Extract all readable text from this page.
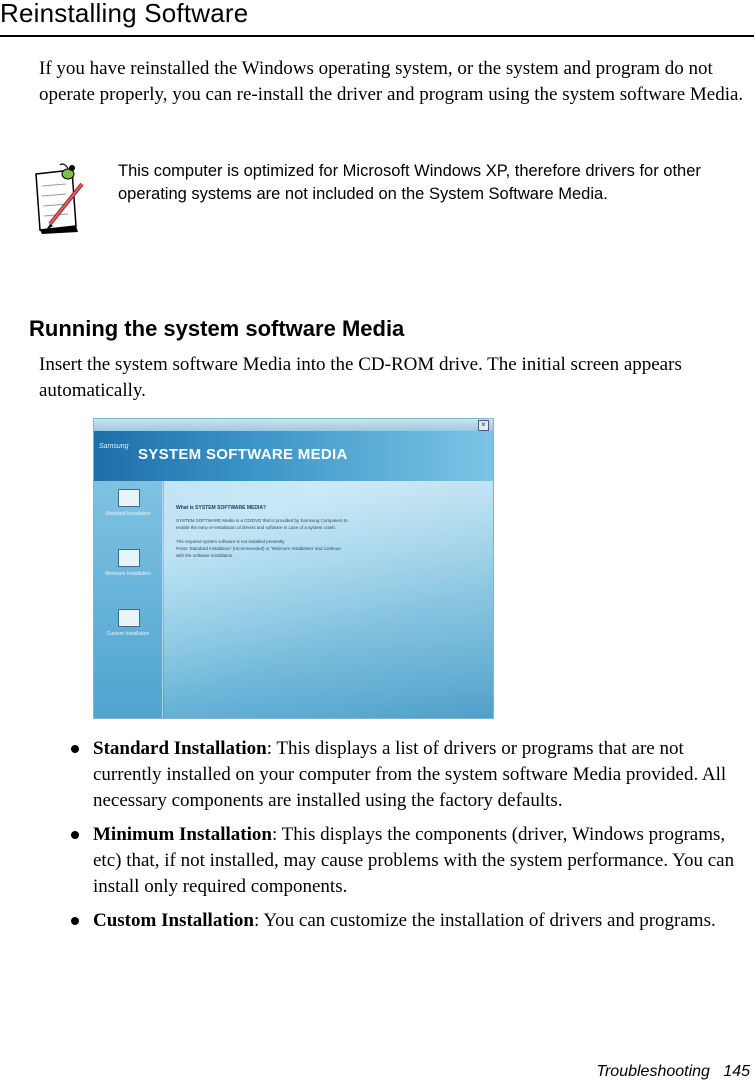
Reinstalling Software

If you have reinstalled the Windows operating system, or the system and program do not operate properly, you can re-install the driver and program using the system software Media.

This computer is optimized for Microsoft Windows XP, therefore drivers for other operating systems are not included on the System Software Media.

Running the system software Media

Insert the system software Media into the CD-ROM drive. The initial screen appears automatically.

×
Samsung SYSTEM SOFTWARE MEDIA
Standard Installation
Minimum Installation
Custom Installation
What is SYSTEM SOFTWARE MEDIA?
SYSTEM SOFTWARE Media is a CD/DVD that is provided by Samsung Computers to
enable the easy re-installation of drivers and software in case of a system crash.
The required system software is not installed presently.
Press 'Standard Installation' (recommended) or 'Minimum Installation' and continue
with the software installation.
Standard Installation: This displays a list of drivers or programs that are not currently installed on your computer from the system software Media provided. All necessary components are installed using the factory defaults.
Minimum Installation: This displays the components (driver, Windows programs, etc) that, if not installed, may cause problems with the system performance. You can install only required components.
Custom Installation: You can customize the installation of drivers and programs.
Troubleshooting 145
